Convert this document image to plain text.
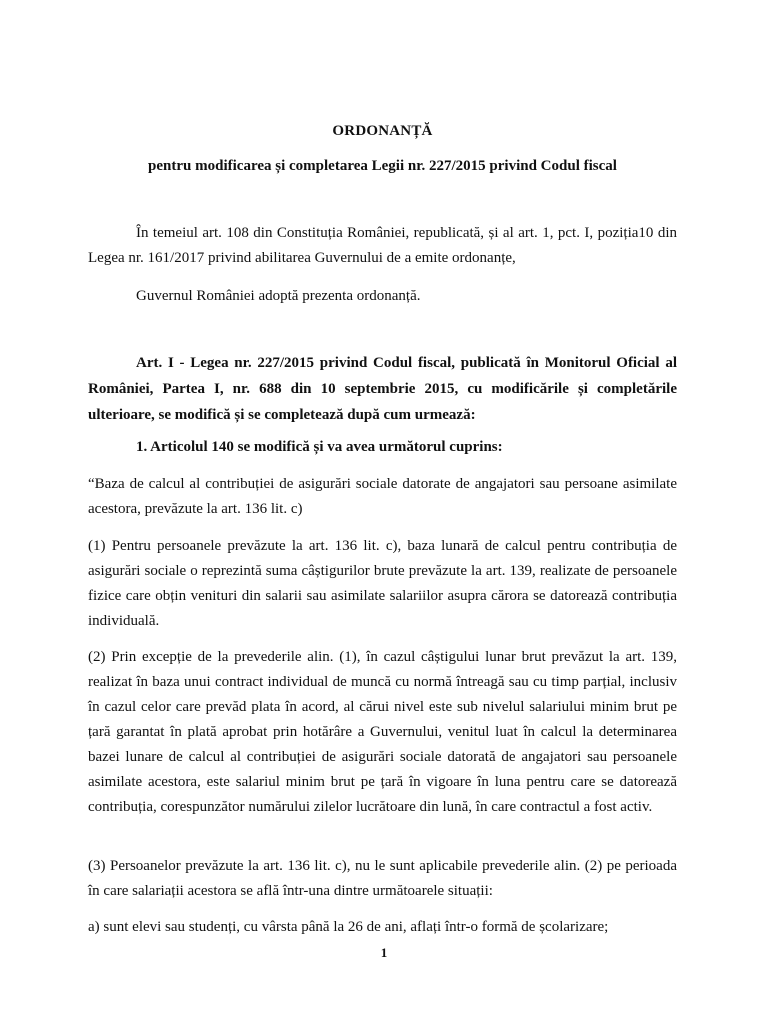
ORDONANȚĂ
pentru modificarea și completarea Legii nr. 227/2015 privind Codul fiscal
În temeiul art. 108 din Constituția României, republicată, și al art. 1, pct. I, poziția10 din Legea nr. 161/2017 privind abilitarea Guvernului de a emite ordonanțe,
Guvernul României adoptă prezenta ordonanță.
Art. I - Legea nr. 227/2015 privind Codul fiscal, publicată în Monitorul Oficial al României, Partea I, nr. 688 din 10 septembrie 2015, cu modificările și completările ulterioare, se modifică și se completează după cum urmează:
1. Articolul 140 se modifică și va avea următorul cuprins:
“Baza de calcul al contribuției de asigurări sociale datorate de angajatori sau persoane asimilate acestora, prevăzute la art. 136 lit. c)
(1) Pentru persoanele prevăzute la art. 136 lit. c), baza lunară de calcul pentru contribuția de asigurări sociale o reprezintă suma câștigurilor brute prevăzute la art. 139, realizate de persoanele fizice care obțin venituri din salarii sau asimilate salariilor asupra cărora se datorează contribuția individuală.
(2) Prin excepție de la prevederile alin. (1), în cazul câștigului lunar brut prevăzut la art. 139, realizat în baza unui contract individual de muncă cu normă întreagă sau cu timp parțial, inclusiv în cazul celor care prevăd plata în acord, al cărui nivel este sub nivelul salariului minim brut pe țară garantat în plată aprobat prin hotărâre a Guvernului, venitul luat în calcul la determinarea bazei lunare de calcul al contribuției de asigurări sociale datorată de angajatori sau persoanele asimilate acestora, este salariul minim brut pe țară în vigoare în luna pentru care se datorează contribuția, corespunzător numărului zilelor lucrătoare din lună, în care contractul a fost activ.
(3) Persoanelor prevăzute la art. 136 lit. c), nu le sunt aplicabile prevederile alin. (2) pe perioada în care salariații acestora se află într-una dintre următoarele situații:
a) sunt elevi sau studenți, cu vârsta până la 26 de ani, aflați într-o formă de școlarizare;
1
